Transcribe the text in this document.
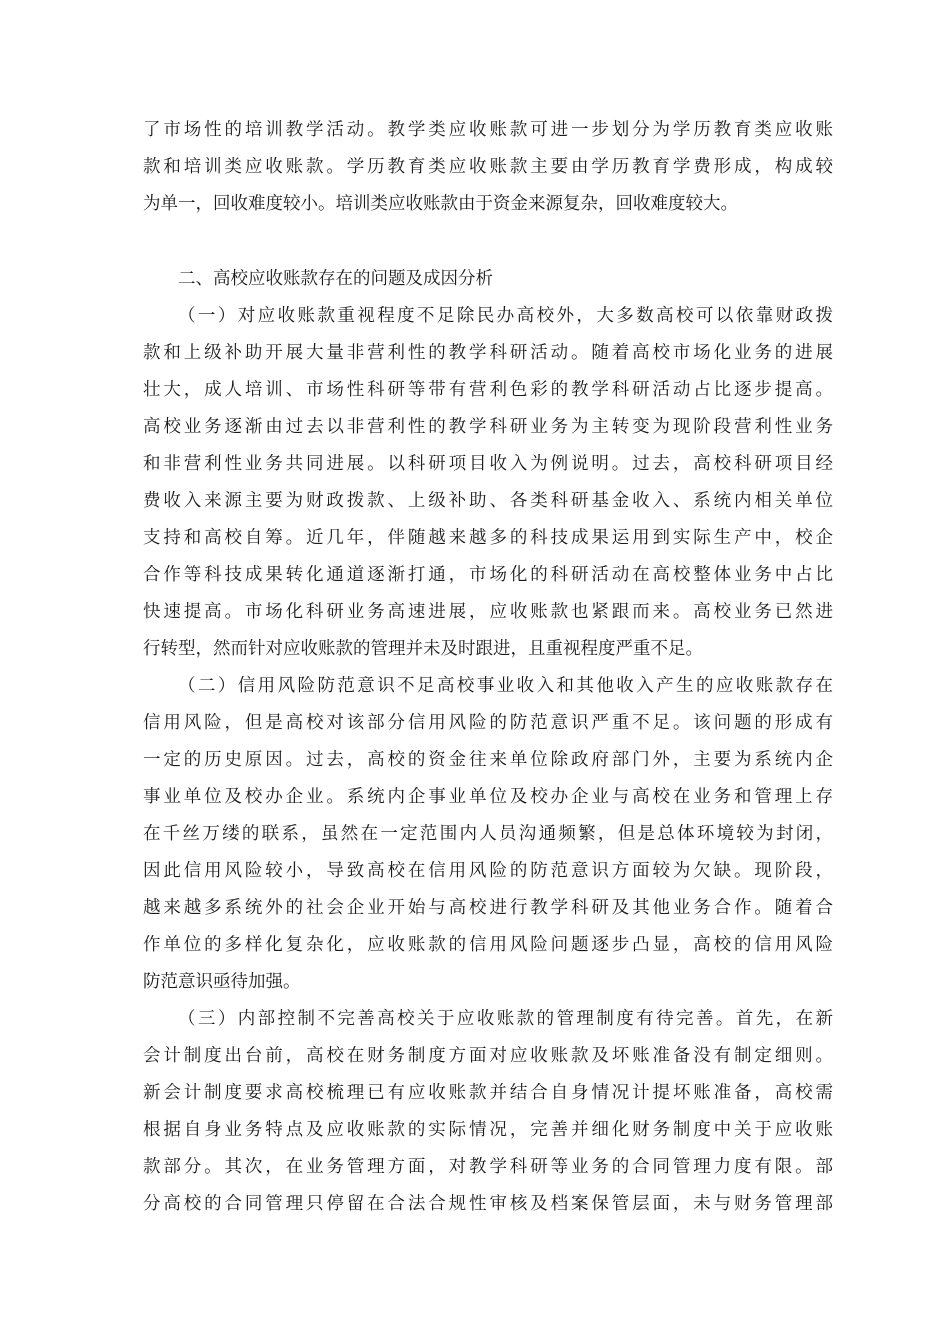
了市场性的培训教学活动。教学类应收账款可进一步划分为学历教育类应收账
款和培训类应收账款。学历教育类应收账款主要由学历教育学费形成，构成较
为单一，回收难度较小。培训类应收账款由于资金来源复杂，回收难度较大。
二、高校应收账款存在的问题及成因分析
（一）对应收账款重视程度不足除民办高校外，大多数高校可以依靠财政拨
款和上级补助开展大量非营利性的教学科研活动。随着高校市场化业务的进展
壮大，成人培训、市场性科研等带有营利色彩的教学科研活动占比逐步提高。
高校业务逐渐由过去以非营利性的教学科研业务为主转变为现阶段营利性业务
和非营利性业务共同进展。以科研项目收入为例说明。过去，高校科研项目经
费收入来源主要为财政拨款、上级补助、各类科研基金收入、系统内相关单位
支持和高校自筹。近几年，伴随越来越多的科技成果运用到实际生产中，校企
合作等科技成果转化通道逐渐打通，市场化的科研活动在高校整体业务中占比
快速提高。市场化科研业务高速进展，应收账款也紧跟而来。高校业务已然进
行转型，然而针对应收账款的管理并未及时跟进，且重视程度严重不足。
（二）信用风险防范意识不足高校事业收入和其他收入产生的应收账款存在
信用风险，但是高校对该部分信用风险的防范意识严重不足。该问题的形成有
一定的历史原因。过去，高校的资金往来单位除政府部门外，主要为系统内企
事业单位及校办企业。系统内企事业单位及校办企业与高校在业务和管理上存
在千丝万缕的联系，虽然在一定范围内人员沟通频繁，但是总体环境较为封闭，
因此信用风险较小，导致高校在信用风险的防范意识方面较为欠缺。现阶段，
越来越多系统外的社会企业开始与高校进行教学科研及其他业务合作。随着合
作单位的多样化复杂化，应收账款的信用风险问题逐步凸显，高校的信用风险
防范意识亟待加强。
（三）内部控制不完善高校关于应收账款的管理制度有待完善。首先，在新
会计制度出台前，高校在财务制度方面对应收账款及坏账准备没有制定细则。
新会计制度要求高校梳理已有应收账款并结合自身情况计提坏账准备，高校需
根据自身业务特点及应收账款的实际情况，完善并细化财务制度中关于应收账
款部分。其次，在业务管理方面，对教学科研等业务的合同管理力度有限。部
分高校的合同管理只停留在合法合规性审核及档案保管层面，未与财务管理部
